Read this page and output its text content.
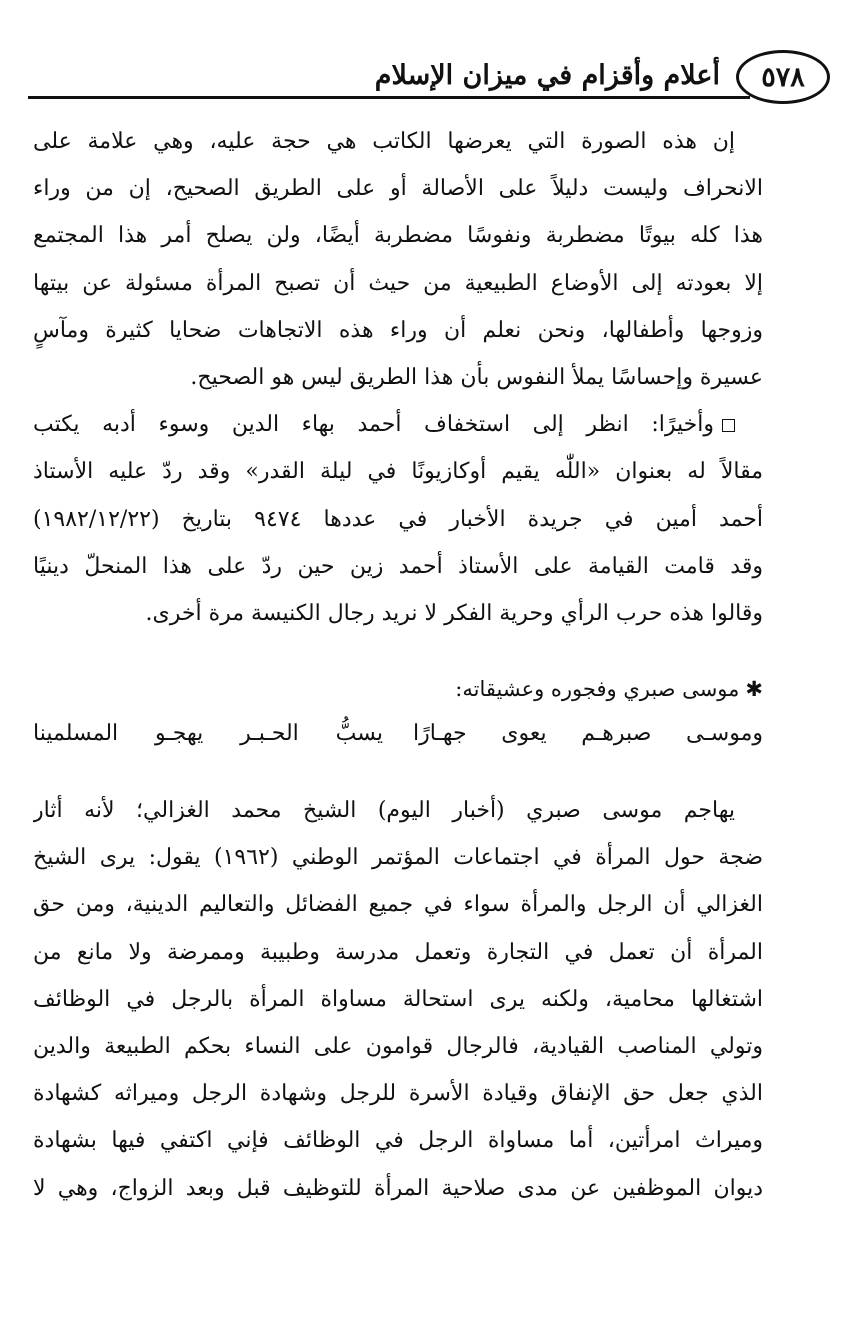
أعلام وأقزام في ميزان الإسلام	٥٧٨

إن هذه الصورة التي يعرضها الكاتب هي حجة عليه، وهي علامة على

الانحراف وليست دليلاً على الأصالة أو على الطريق الصحيح، إن من وراء

هذا كله بيوتًا مضطربة ونفوسًا مضطربة أيضًا، ولن يصلح أمر هذا المجتمع

إلا بعودته إلى الأوضاع الطبيعية من حيث أن تصبح المرأة مسئولة عن بيتها

وزوجها وأطفالها، ونحن نعلم أن وراء هذه الاتجاهات ضحايا كثيرة ومآسٍ

عسيرة وإحساسًا يملأ النفوس بأن هذا الطريق ليس هو الصحيح.

وأخيرًا: انظر إلى استخفاف أحمد بهاء الدين وسوء أدبه يكتب

مقالاً له بعنوان «اللّٰه يقيم أوكازيونًا في ليلة القدر» وقد ردّ عليه الأستاذ

أحمد أمين في جريدة الأخبار في عددها ٩٤٧٤ بتاريخ (١٩٨٢/١٢/٢٢)

وقد قامت القيامة على الأستاذ أحمد زين حين ردّ على هذا المنحلّ دينيًا

وقالوا هذه حرب الرأي وحرية الفكر لا نريد رجال الكنيسة مرة أخرى.

✱موسى صبري وفجوره وعشيقاته:

وموسـى صبرهـم يعوى جهـارًا
يسبُّ الحـبـر يهجـو المسلمينا

يهاجم موسى صبري (أخبار اليوم) الشيخ محمد الغزالي؛ لأنه أثار

ضجة حول المرأة في اجتماعات المؤتمر الوطني (١٩٦٢) يقول: يرى الشيخ

الغزالي أن الرجل والمرأة سواء في جميع الفضائل والتعاليم الدينية، ومن حق

المرأة أن تعمل في التجارة وتعمل مدرسة وطبيبة وممرضة ولا مانع من

اشتغالها محامية، ولكنه يرى استحالة مساواة المرأة بالرجل في الوظائف

وتولي المناصب القيادية، فالرجال قوامون على النساء بحكم الطبيعة والدين

الذي جعل حق الإنفاق وقيادة الأسرة للرجل وشهادة الرجل وميراثه كشهادة

وميراث امرأتين، أما مساواة الرجل في الوظائف فإني اكتفي فيها بشهادة

ديوان الموظفين عن مدى صلاحية المرأة للتوظيف قبل وبعد الزواج، وهي لا
